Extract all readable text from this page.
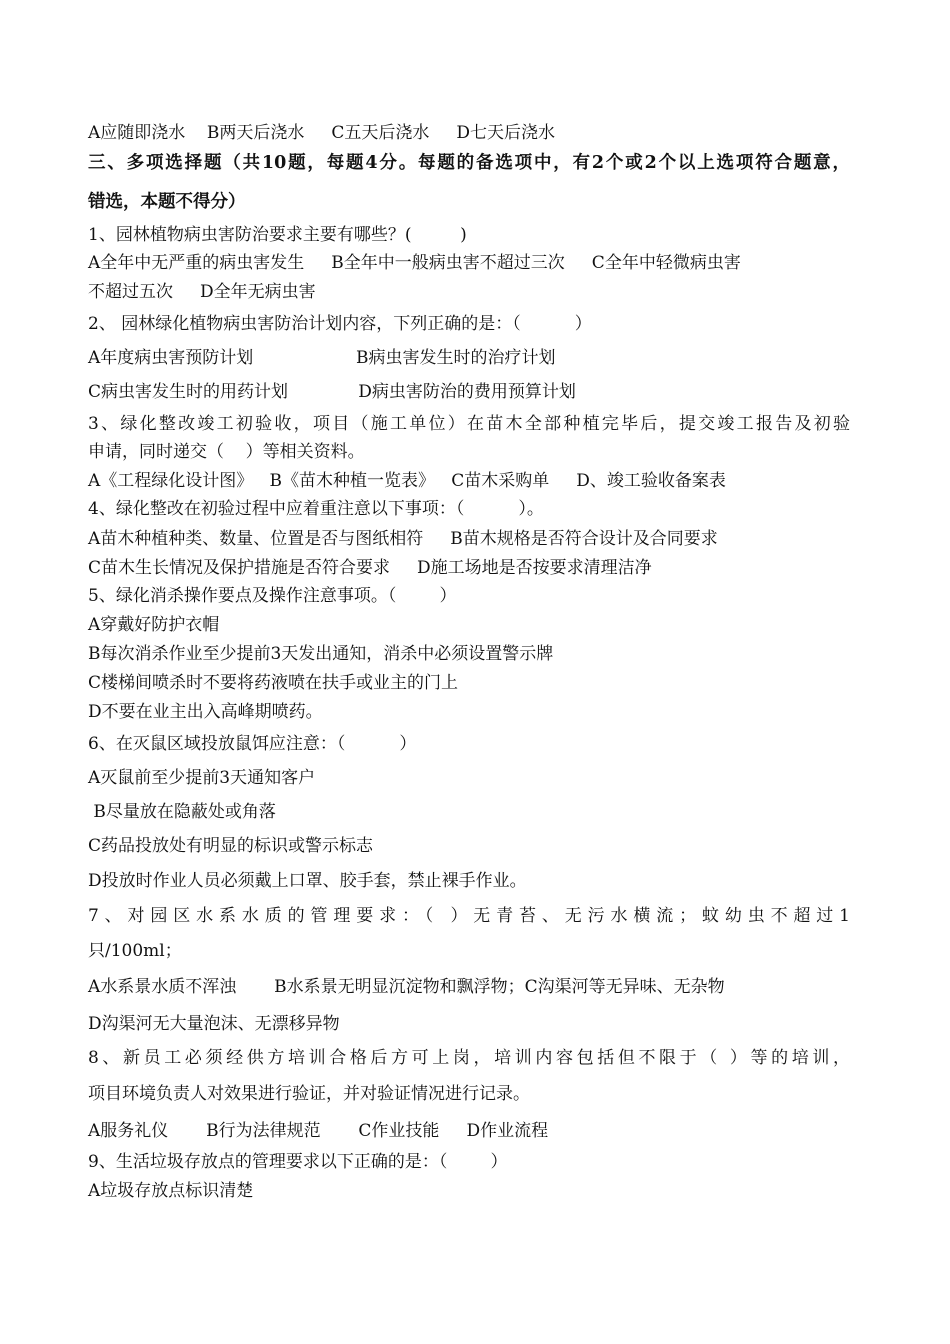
A应随即浇水    B两天后浇水     C五天后浇水     D七天后浇水

三、多项选择题（共10题，每题4分。每题的备选项中，有2个或2个以上选项符合题意，

错选，本题不得分）

1、园林植物病虫害防治要求主要有哪些？(         )

A全年中无严重的病虫害发生     B全年中一般病虫害不超过三次     C全年中轻微病虫害

不超过五次     D全年无病虫害

2、 园林绿化植物病虫害防治计划内容，下列正确的是：（          ）

A年度病虫害预防计划                   B病虫害发生时的治疗计划

C病虫害发生时的用药计划             D病虫害防治的费用预算计划

3、绿化整改竣工初验收，项目（施工单位）在苗木全部种植完毕后，提交竣工报告及初验

申请，同时递交（    ）等相关资料。

A《工程绿化设计图》   B《苗木种植一览表》   C苗木采购单     D、竣工验收备案表

4、绿化整改在初验过程中应着重注意以下事项：（          ）。

A苗木种植种类、数量、位置是否与图纸相符     B苗木规格是否符合设计及合同要求

C苗木生长情况及保护措施是否符合要求     D施工场地是否按要求清理洁净

5、绿化消杀操作要点及操作注意事项。（        ）

A穿戴好防护衣帽

B每次消杀作业至少提前3天发出通知，消杀中必须设置警示牌

C楼梯间喷杀时不要将药液喷在扶手或业主的门上

D不要在业主出入高峰期喷药。

6、在灭鼠区域投放鼠饵应注意：（          ）

A灭鼠前至少提前3天通知客户

B尽量放在隐蔽处或角落

C药品投放处有明显的标识或警示标志

D投放时作业人员必须戴上口罩、胶手套，禁止裸手作业。

7、对园区水系水质的管理要求：（ ）无青苔、无污水横流；蚊幼虫不超过1

只/100ml；

A水系景水质不浑浊       B水系景无明显沉淀物和飘浮物；C沟渠河等无异味、无杂物

D沟渠河无大量泡沫、无漂移异物

8、新员工必须经供方培训合格后方可上岗，培训内容包括但不限于（ ）等的培训，

项目环境负责人对效果进行验证，并对验证情况进行记录。

A服务礼仪       B行为法律规范       C作业技能     D作业流程

9、生活垃圾存放点的管理要求以下正确的是：（        ）

A垃圾存放点标识清楚
